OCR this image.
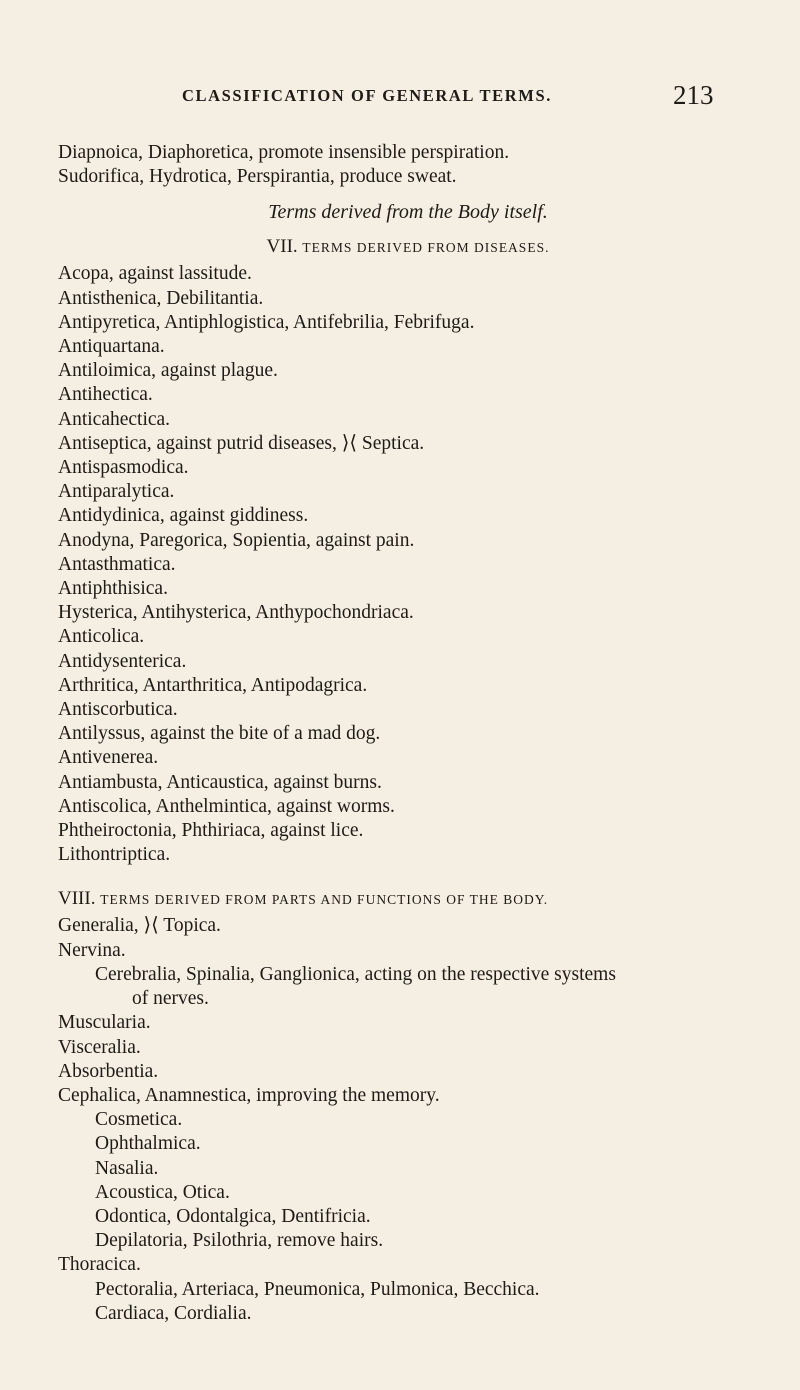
CLASSIFICATION OF GENERAL TERMS.	213
Diapnoica, Diaphoretica, promote insensible perspiration.
Sudorifica, Hydrotica, Perspirantia, produce sweat.
Terms derived from the Body itself.
VII. TERMS DERIVED FROM DISEASES.
Acopa, against lassitude.
Antisthenica, Debilitantia.
Antipyretica, Antiphlogistica, Antifebrilia, Febrifuga.
Antiquartana.
Antiloimica, against plague.
Antihectica.
Anticahectica.
Antiseptica, against putrid diseases, ⟩⟨ Septica.
Antispasmodica.
Antiparalytica.
Antidydinica, against giddiness.
Anodyna, Paregorica, Sopientia, against pain.
Antasthmatica.
Antiphthisica.
Hysterica, Antihysterica, Anthypochondriaca.
Anticolica.
Antidysenterica.
Arthritica, Antarthritica, Antipodagrica.
Antiscorbutica.
Antilyssus, against the bite of a mad dog.
Antivenerea.
Antiambusta, Anticaustica, against burns.
Antiscolica, Anthelmintica, against worms.
Phtheiroctonia, Phthiriaca, against lice.
Lithontriptica.
VIII. TERMS DERIVED FROM PARTS AND FUNCTIONS OF THE BODY.
Generalia, ⟩⟨ Topica.
Nervina.
Cerebralia, Spinalia, Ganglionica, acting on the respective systems
of nerves.
Muscularia.
Visceralia.
Absorbentia.
Cephalica, Anamnestica, improving the memory.
Cosmetica.
Ophthalmica.
Nasalia.
Acoustica, Otica.
Odontica, Odontalgica, Dentifricia.
Depilatoria, Psilothria, remove hairs.
Thoracica.
Pectoralia, Arteriaca, Pneumonica, Pulmonica, Becchica.
Cardiaca, Cordialia.
